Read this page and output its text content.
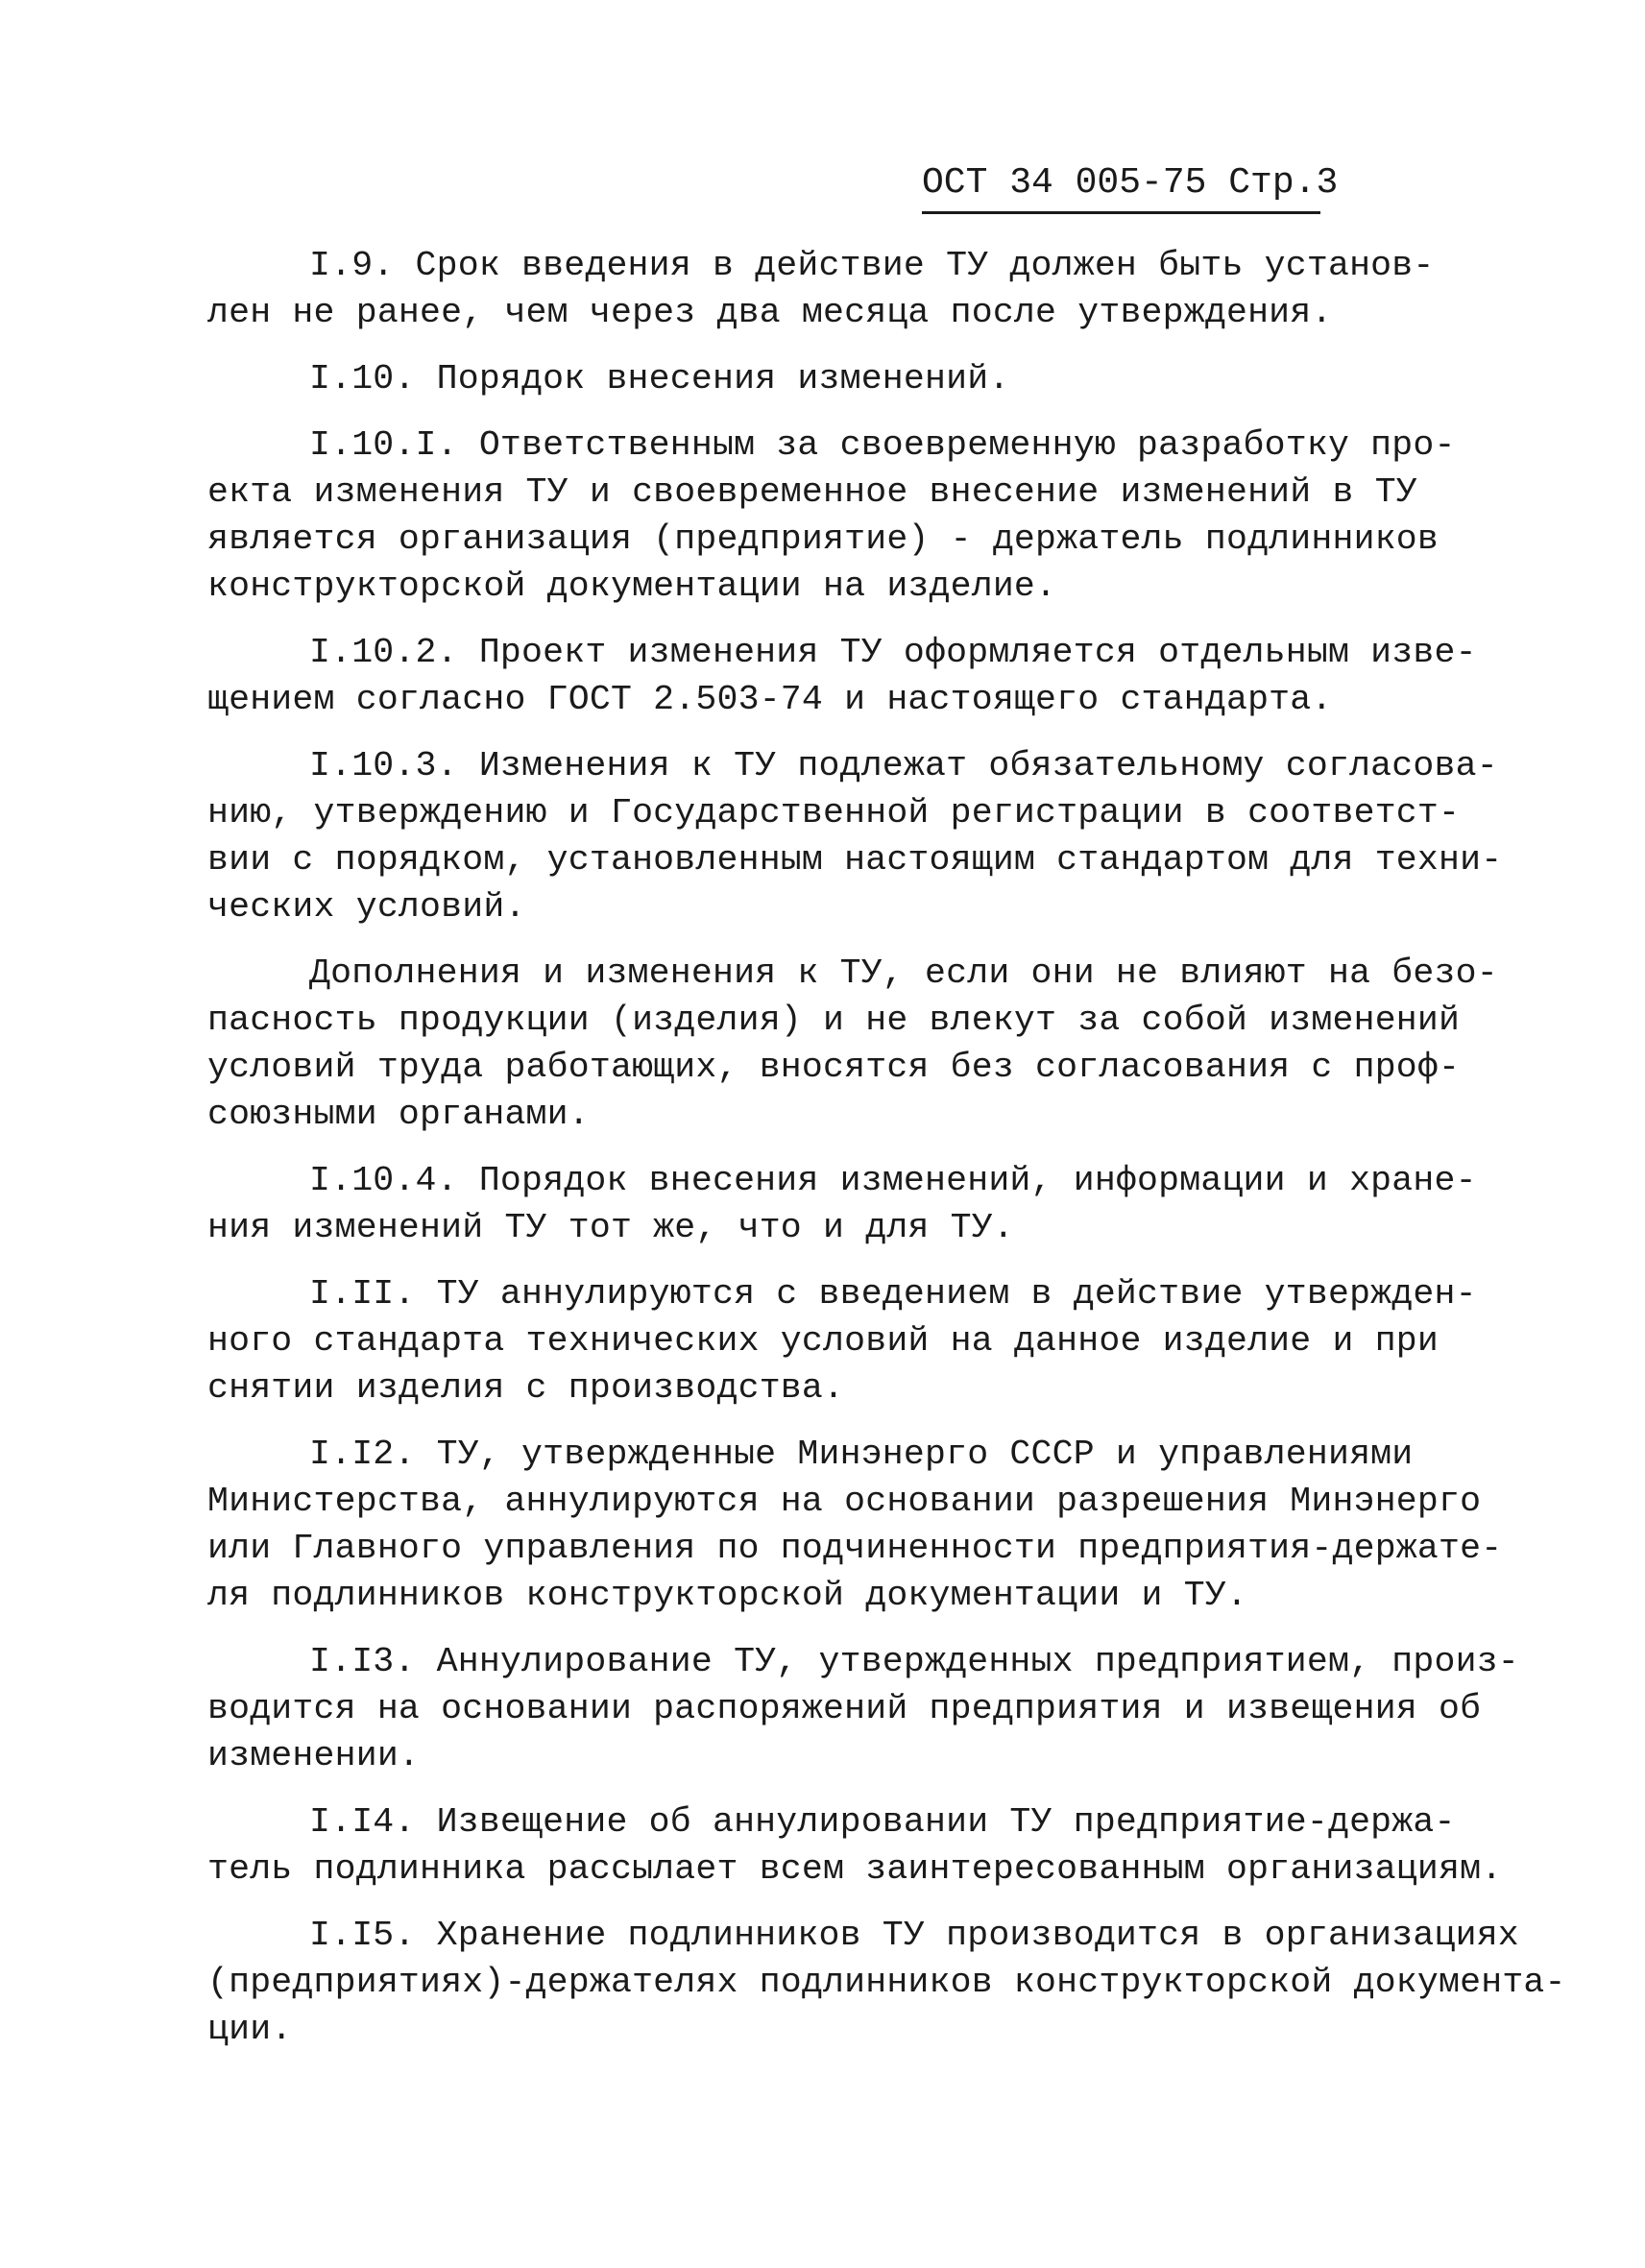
ОСТ 34 005-75 Стр.3
I.9. Срок введения в действие ТУ должен быть установ-
лен не ранее, чем через два месяца после утверждения.
I.10. Порядок внесения изменений.
I.10.I. Ответственным за своевременную разработку про-
екта изменения ТУ и своевременное внесение изменений в ТУ
является организация (предприятие) - держатель подлинников
конструкторской документации на изделие.
I.10.2. Проект изменения ТУ оформляется отдельным изве-
щением согласно ГОСТ 2.503-74 и настоящего стандарта.
I.10.3. Изменения к ТУ подлежат обязательному согласова-
нию, утверждению и Государственной регистрации в соответст-
вии с порядком, установленным настоящим стандартом для техни-
ческих условий.
Дополнения и изменения к ТУ, если они не влияют на безо-
пасность продукции (изделия) и не влекут за собой изменений
условий труда работающих, вносятся без согласования с проф-
союзными органами.
I.10.4. Порядок внесения изменений, информации и хране-
ния изменений ТУ тот же, что и для ТУ.
I.II. ТУ аннулируются с введением в действие утвержден-
ного стандарта технических условий на данное изделие и при
снятии изделия с производства.
I.I2. ТУ, утвержденные Минэнерго СССР и управлениями
Министерства, аннулируются на основании разрешения Минэнерго
или Главного управления по подчиненности предприятия-держате-
ля подлинников конструкторской документации и ТУ.
I.I3. Аннулирование ТУ, утвержденных предприятием, произ-
водится на основании распоряжений предприятия и извещения об
изменении.
I.I4. Извещение об аннулировании ТУ предприятие-держа-
тель подлинника рассылает всем заинтересованным организациям.
I.I5. Хранение подлинников ТУ производится в организациях
(предприятиях)-держателях подлинников конструкторской документа-
ции.
